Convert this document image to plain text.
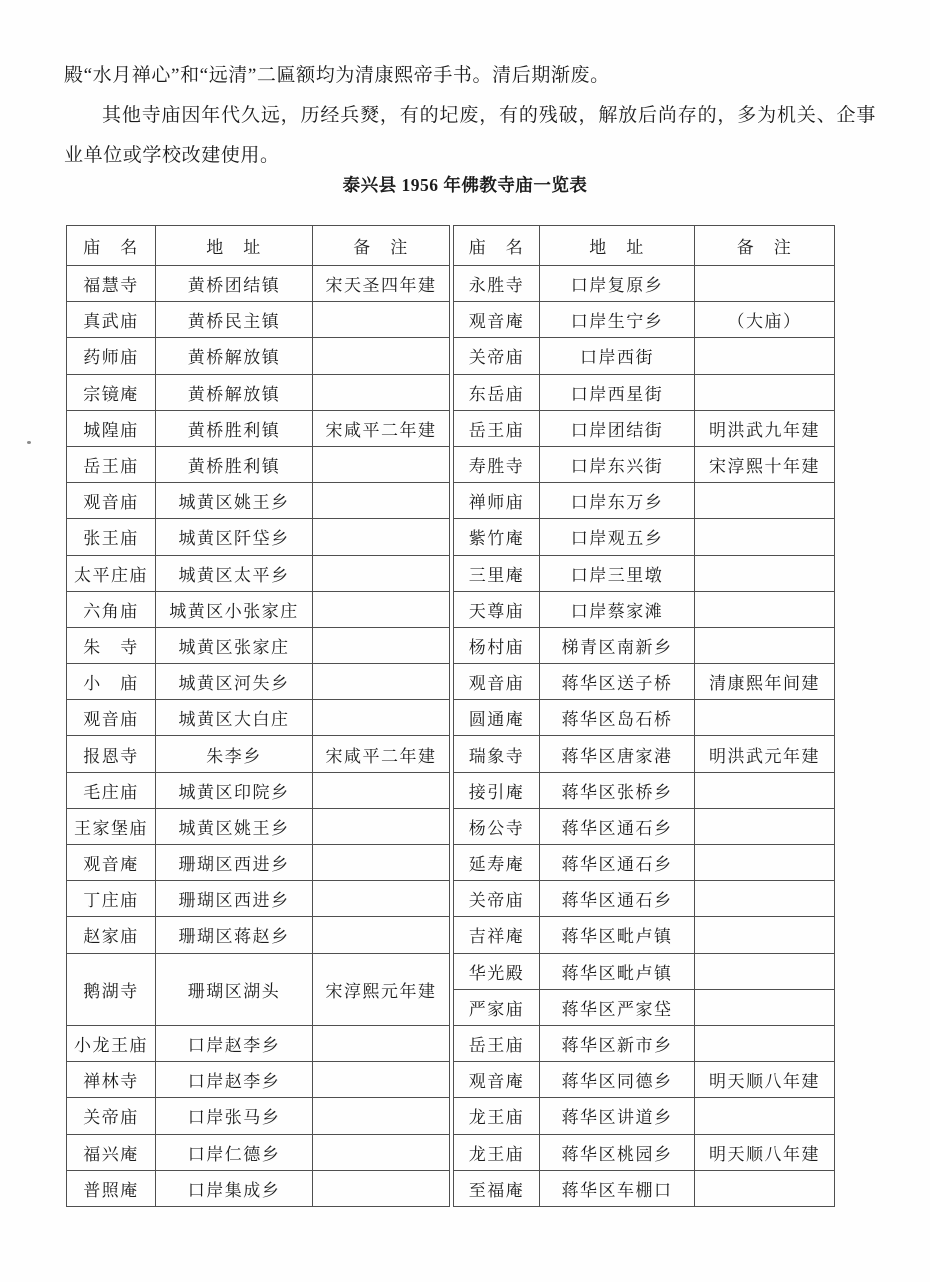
殿“水月禅心”和“远清”二匾额均为清康熙帝手书。清后期渐废。

其他寺庙因年代久远，历经兵燹，有的圮废，有的残破，解放后尚存的，多为机关、企事业单位或学校改建使用。

泰兴县 1956 年佛教寺庙一览表
庙　名	地　址	备　注
福慧寺	黄桥团结镇	宋天圣四年建
真武庙	黄桥民主镇	
药师庙	黄桥解放镇	
宗镜庵	黄桥解放镇	
城隍庙	黄桥胜利镇	宋咸平二年建
岳王庙	黄桥胜利镇	
观音庙	城黄区姚王乡	
张王庙	城黄区阡垈乡	
太平庄庙	城黄区太平乡	
六角庙	城黄区小张家庄	
朱　寺	城黄区张家庄	
小　庙	城黄区河失乡	
观音庙	城黄区大白庄	
报恩寺	朱李乡	宋咸平二年建
毛庄庙	城黄区印院乡	
王家堡庙	城黄区姚王乡	
观音庵	珊瑚区西进乡	
丁庄庙	珊瑚区西进乡	
赵家庙	珊瑚区蒋赵乡	
鹅湖寺	珊瑚区湖头	宋淳熙元年建
小龙王庙	口岸赵李乡	
禅林寺	口岸赵李乡	
关帝庙	口岸张马乡	
福兴庵	口岸仁德乡	
普照庵	口岸集成乡	
庙　名	地　址	备　注
永胜寺	口岸复原乡	
观音庵	口岸生宁乡	（大庙）
关帝庙	口岸西街	
东岳庙	口岸西星街	
岳王庙	口岸团结街	明洪武九年建
寿胜寺	口岸东兴街	宋淳熙十年建
禅师庙	口岸东万乡	
紫竹庵	口岸观五乡	
三里庵	口岸三里墩	
天尊庙	口岸蔡家滩	
杨村庙	梯青区南新乡	
观音庙	蒋华区送子桥	清康熙年间建
圆通庵	蒋华区岛石桥	
瑞象寺	蒋华区唐家港	明洪武元年建
接引庵	蒋华区张桥乡	
杨公寺	蒋华区通石乡	
延寿庵	蒋华区通石乡	
关帝庙	蒋华区通石乡	
吉祥庵	蒋华区毗卢镇	
华光殿	蒋华区毗卢镇	
严家庙	蒋华区严家垈	
岳王庙	蒋华区新市乡	
观音庵	蒋华区同德乡	明天顺八年建
龙王庙	蒋华区讲道乡	
龙王庙	蒋华区桃园乡	明天顺八年建
至福庵	蒋华区车棚口	
